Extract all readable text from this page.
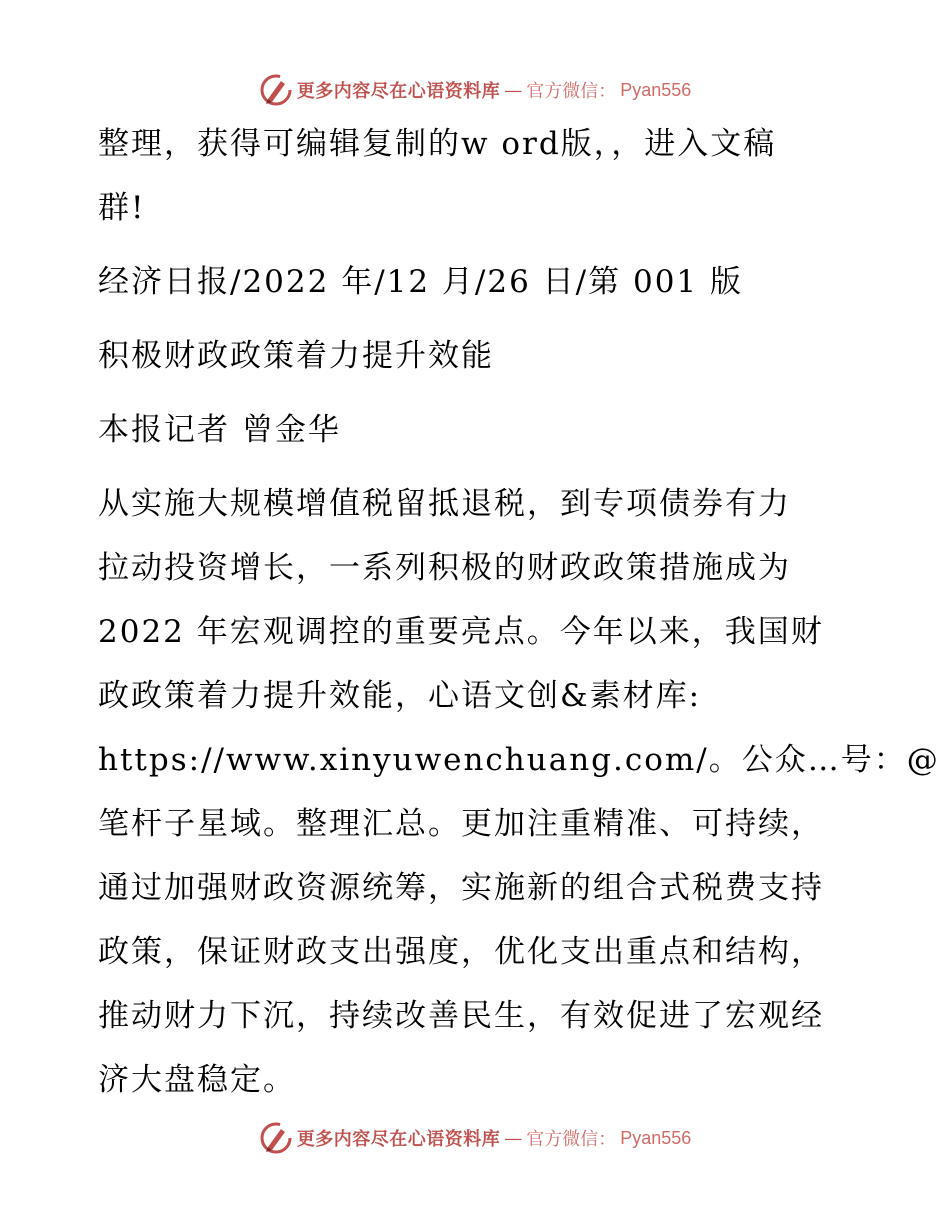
更多内容尽在心语资料库 — 官方微信： Pyan556
整理，获得可编辑复制的w ord版，，进入文稿
群!
经济日报/2022 年/12 月/26 日/第 001 版
积极财政政策着力提升效能
本报记者 曾金华
从实施大规模增值税留抵退税，到专项债券有力
拉动投资增长，一系列积极的财政政策措施成为
2022 年宏观调控的重要亮点。今年以来，我国财
政政策着力提升效能，心语文创&素材库:
https://www.xinyuwenchuang.com/。公众…号：@
笔杆子星域。整理汇总。更加注重精准、可持续，
通过加强财政资源统筹，实施新的组合式税费支持
政策，保证财政支出强度，优化支出重点和结构，
推动财力下沉，持续改善民生，有效促进了宏观经
济大盘稳定。
更多内容尽在心语资料库 — 官方微信： Pyan556
